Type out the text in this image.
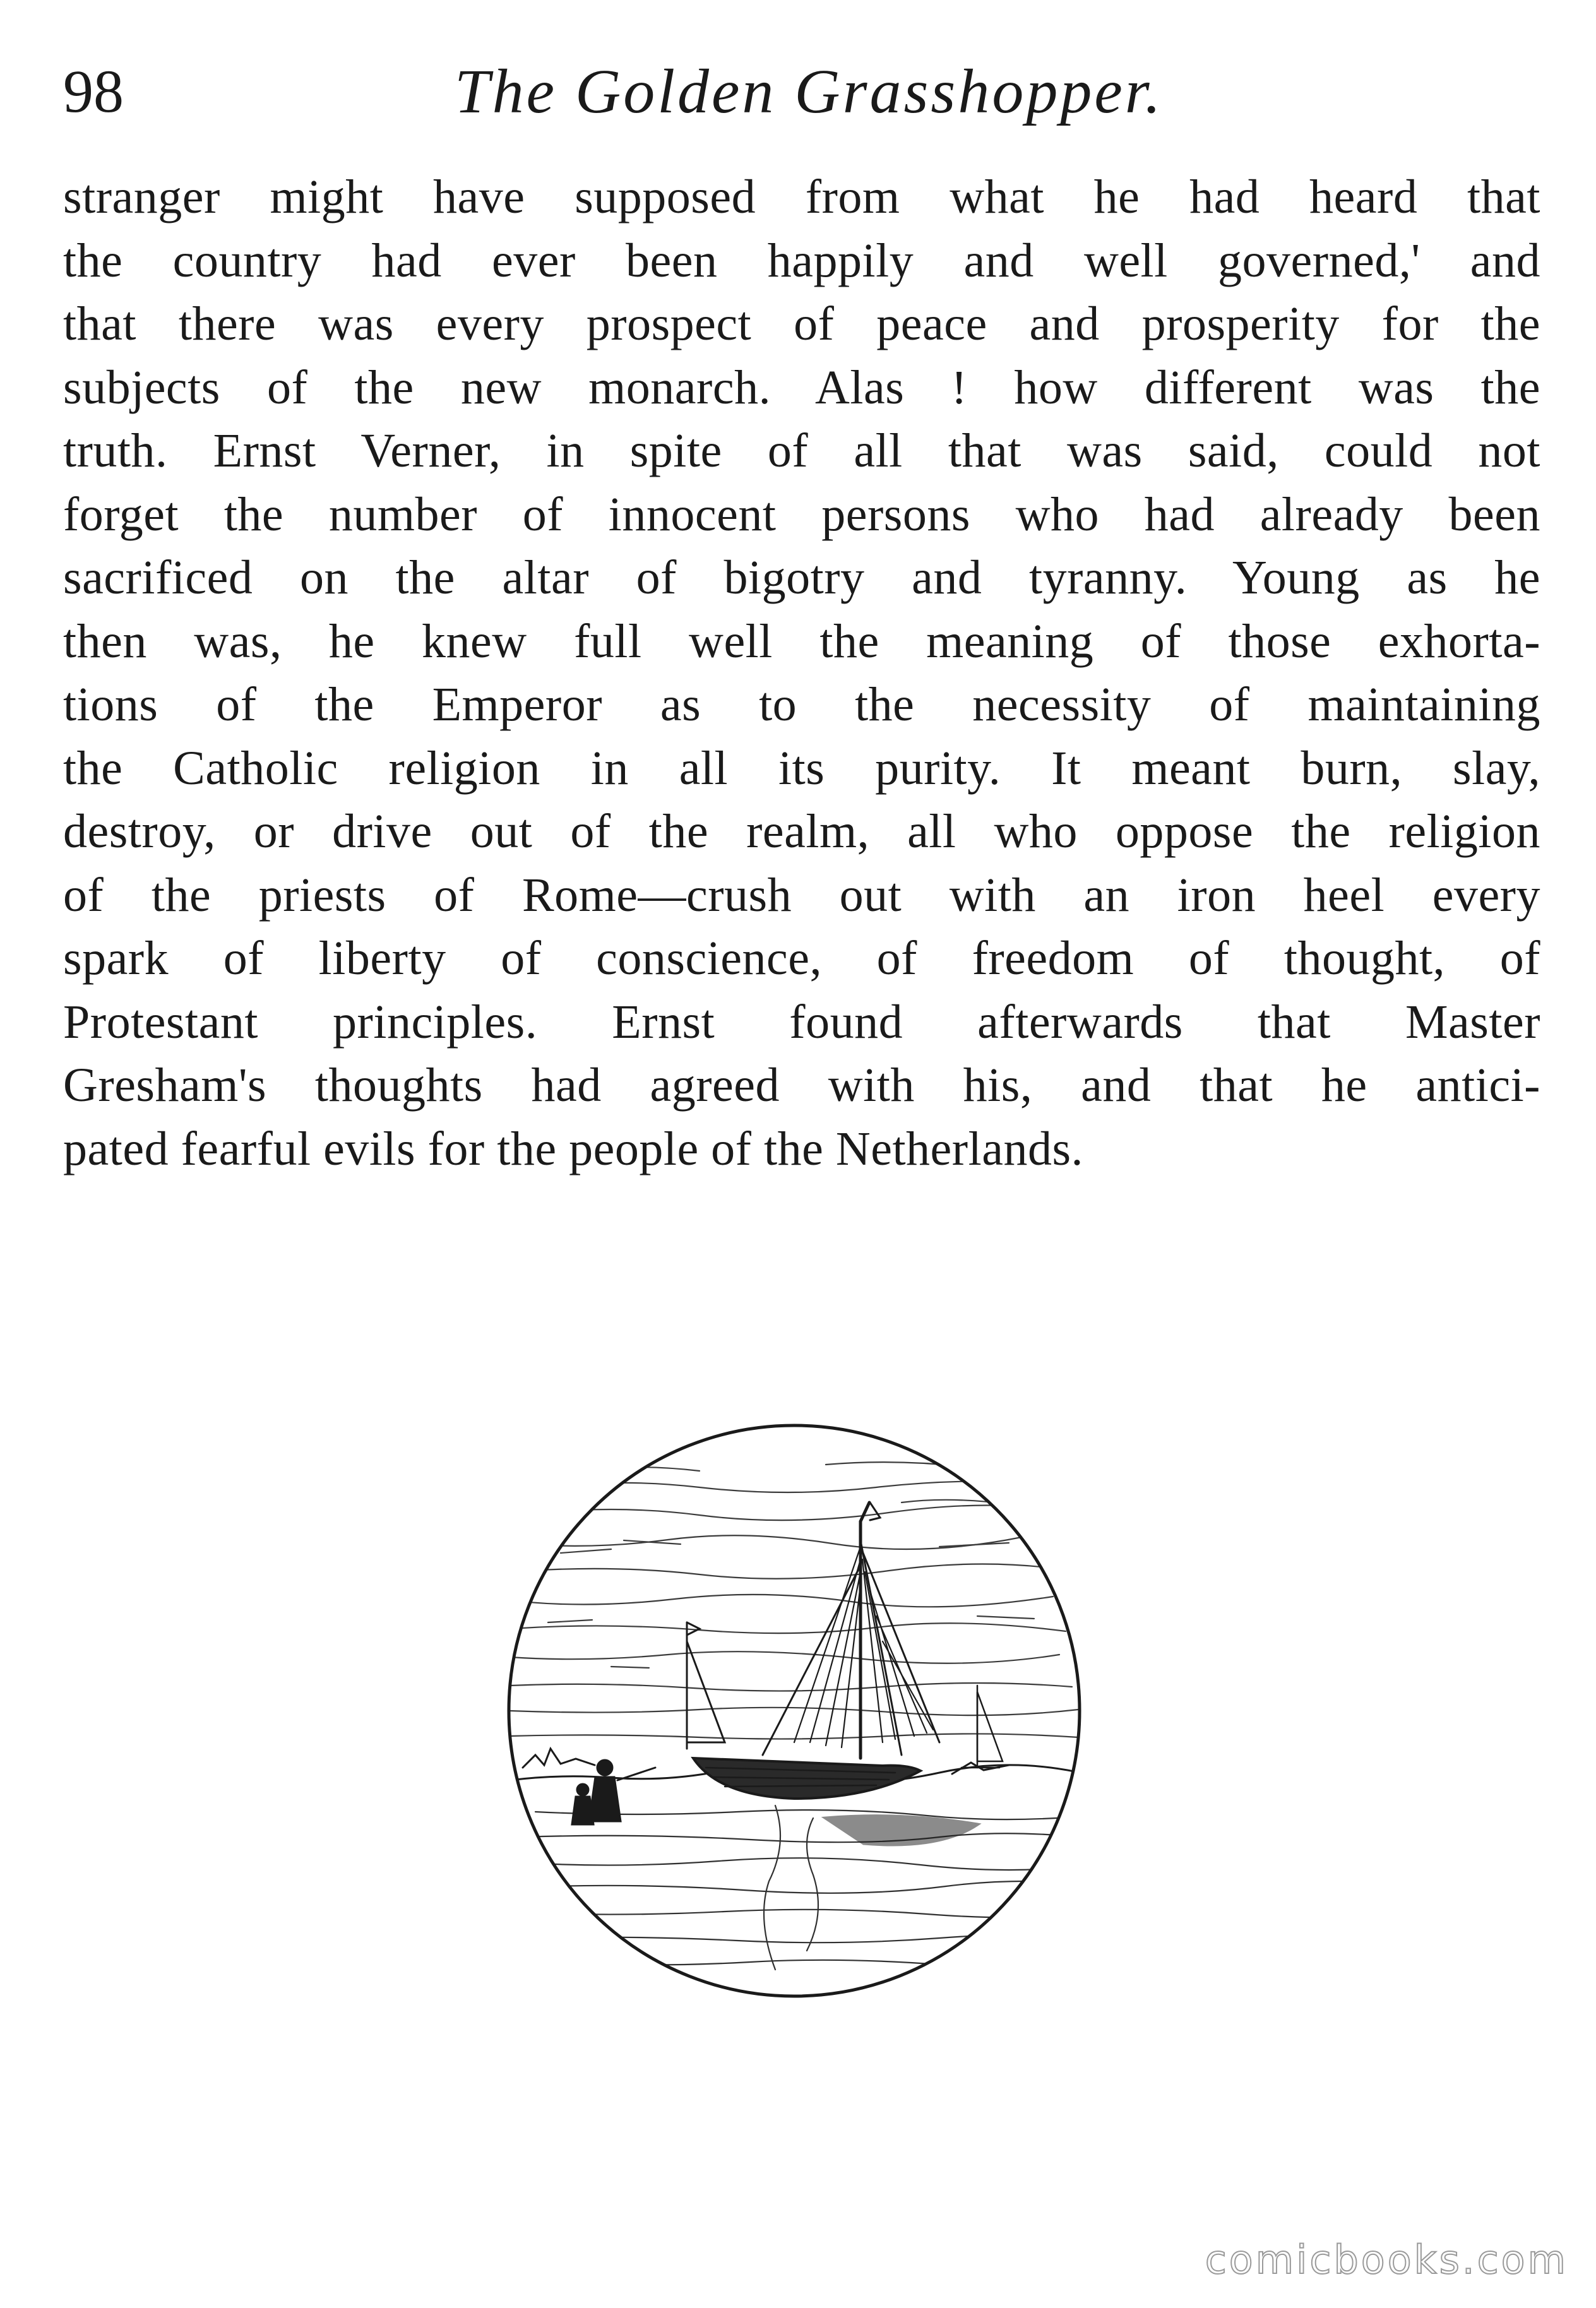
98	The Golden Grasshopper.
stranger might have supposed from what he had heard that
the country had ever been happily and well governed,' and
that there was every prospect of peace and prosperity for the
subjects of the new monarch. Alas ! how different was the
truth. Ernst Verner, in spite of all that was said, could not
forget the number of innocent persons who had already been
sacrificed on the altar of bigotry and tyranny. Young as he
then was, he knew full well the meaning of those exhorta-
tions of the Emperor as to the necessity of maintaining
the Catholic religion in all its purity. It meant burn, slay,
destroy, or drive out of the realm, all who oppose the religion
of the priests of Rome—crush out with an iron heel every
spark of liberty of conscience, of freedom of thought, of
Protestant principles. Ernst found afterwards that Master
Gresham's thoughts had agreed with his, and that he antici-
pated fearful evils for the people of the Netherlands.
comicbooks.com
